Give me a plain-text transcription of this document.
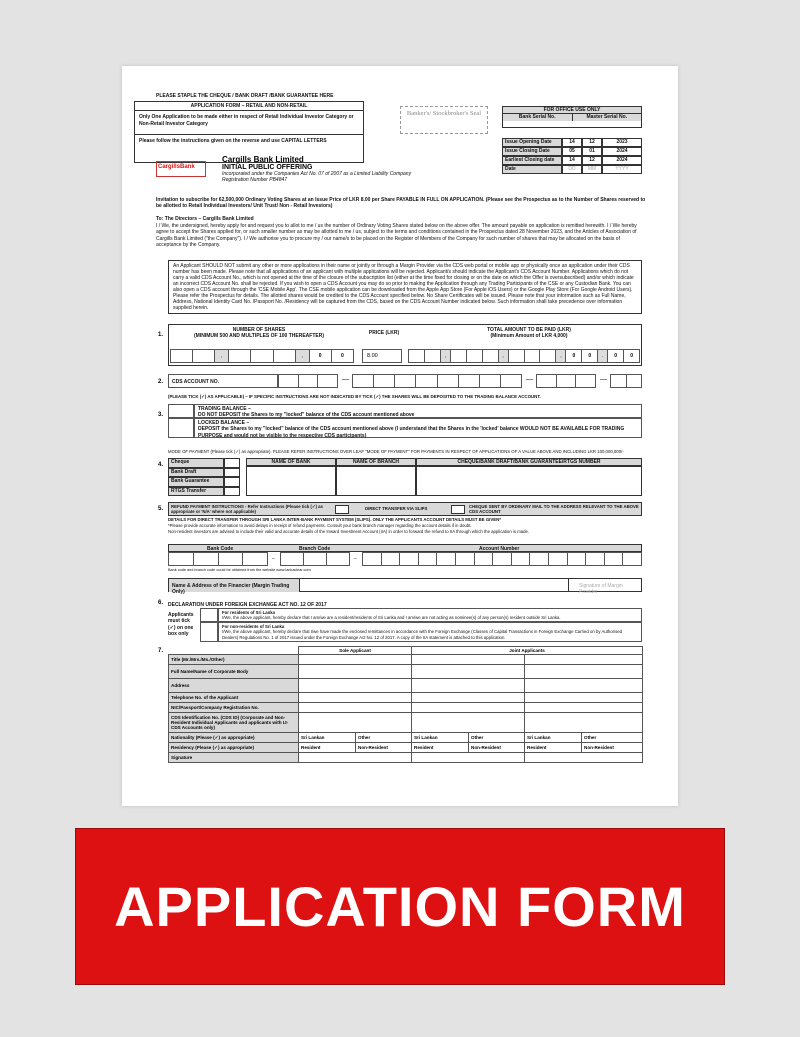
PLEASE STAPLE THE CHEQUE / BANK DRAFT /BANK GUARANTEE HERE
APPLICATION FORM – RETAIL AND NON-RETAIL
Only One Application to be made either in respect of Retail Individual Investor Category or Non-Retail Investor Category
Please follow the instructions given on the reverse and use CAPITAL LETTERS
Banker's/ Stockbroker's Seal	FOR OFFICE USE ONLY
Bank Serial No.	Master Serial No.
Issue Opening Date	14	12	2023
Issue Closing Date	05	01	2024
Earliest Closing date	14	12	2024
Date	DD	MM	YYYY
CargillsBank
Cargills Bank Limited
INITIAL PUBLIC OFFERING
Incorporated under the Companies Act No. 07 of 2007 as a Limited Liability Company
Registration Number PB4847
Invitation to subscribe for 62,500,000 Ordinary Voting Shares at an Issue Price of LKR 8.00 per Share PAYABLE IN FULL ON APPLICATION. (Please see the Prospectus as to the Number of Shares reserved to be allotted to Retail Individual Investors/ Unit Trust/ Non - Retail Investors)
To: The Directors – Cargills Bank Limited
I / We, the undersigned, hereby apply for and request you to allot to me / us the number of Ordinary Voting Shares stated below on the above offer. The amount payable on application is remitted herewith. I / We hereby agree to accept the Shares applied for, or such smaller number as may be allotted to me / us, subject to the terms and conditions contained in the Prospectus dated 28 November 2023, and the Articles of Association of Cargills Bank Limited ("the Company"). I / We authorise you to procure my / our name/s to be placed on the Register of Members of the Company for such number of shares that may be allocated on the basis of acceptance by the Company.
An Applicant SHOULD NOT submit any other or more applications in their name or jointly or through a Margin Provider via the CDS web portal or mobile app or physically once an application under their CDS number has been made. Please note that all applications of an applicant with multiple applications will be rejected. Applicant/s should indicate the Applicant's CDS Account Number. Applications which do not carry a valid CDS Account No., which is not opened at the time of the closure of the subscription list (either at the time fixed for closing or on the date on which the Offer is oversubscribed) and/or which indicate an incorrect CDS Account No. shall be rejected. If you wish to open a CDS Account you may do so prior to making the Application through any Trading Participants of the CSE or any Custodian Bank. You can also open a CDS account through the 'CSE Mobile App'. The CSE mobile application can be downloaded from the Apple App Store (For Apple iOS Users) or the Google Play Store (For Google Android Users). Please refer the Prospectus for details. The allotted shares would be credited to the CDS Account specified below. No Share Certificates will be issued. Please note that your information such as Full Name, Address, National Identity Card No. /Passport No. /Residency will be captured from the CDS, based on the CDS Account Number indicated below. Such information shall take precedence over information supplied herein.
1.
NUMBER OF SHARES
(MINIMUM 500 AND MULTIPLES OF 100 THEREAFTER)
PRICE (LKR)	TOTAL AMOUNT TO BE PAID (LKR)
(Minimum Amount of LKR 4,000)
,	,	0	0	8.00	,	,	,	0	0	.	0	0
2.	CDS ACCOUNT NO.	—	—	—
(PLEASE TICK (✓) AS APPLICABLE) – IF SPECIFIC INSTRUCTIONS ARE NOT INDICATED BY TICK (✓) THE SHARES WILL BE DEPOSITED TO THE TRADING BALANCE ACCOUNT.
3.
TRADING BALANCE –
DO NOT DEPOSIT the Shares to my "locked" balance of the CDS account mentioned above
LOCKED BALANCE –
DEPOSIT the Shares to my "locked" balance of the CDS account mentioned above (I understand that the Shares in the 'locked' balance WOULD NOT BE AVAILABLE FOR TRADING PURPOSE and would not be visible to the respective CDS participants)
MODE OF PAYMENT (Please tick (✓) as appropriate). PLEASE REFER INSTRUCTIONS OVER LEAF "MODE OF PAYMENT" FOR PAYMENTS IN RESPECT OF APPLICATIONS OF A VALUE ABOVE AND INCLUDING LKR 100,000,000/-
4.	Cheque
Bank Draft
Bank Guarantee
RTGS Transfer
NAME OF BANK	NAME OF BRANCH	CHEQUE/BANK DRAFT/BANK GUARANTEE/RTGS NUMBER
5. REFUND PAYMENT INSTRUCTIONS - Refer Instructions (Please tick (✓) as appropriate or 'N/A' where not applicable)
DIRECT TRANSFER VIA SLIPS	CHEQUE SENT BY ORDINARY MAIL TO THE ADDRESS RELEVANT TO THE ABOVE CDS ACCOUNT
DETAILS FOR DIRECT TRANSFER THROUGH SRI LANKA INTER-BANK PAYMENT SYSTEM (SLIPS). ONLY THE APPLICANTS ACCOUNT DETAILS MUST BE GIVEN*
*Please provide accurate information to avoid delays in receipt of refund payments. Consult your bank branch manager regarding the account details if in doubt.
Non-resident investors are advised to include their valid and accurate details of the Inward Investment Account (IIA) in order to forward the refund to IIA through which the application is made.
Bank Code	Branch Code	Account Number
–	–
Bank code and branch code could be obtained from the website www.lankaclear.com
Name & Address of the Financier (Margin Trading Only)
Signature of Margin Provider
6. DECLARATION UNDER FOREIGN EXCHANGE ACT NO. 12 OF 2017
Applicants must tick (✓) on one box only
For residents of Sri Lanka
I/We, the above applicant, hereby declare that I am/we are a resident/residents of Sri Lanka and I am/we are not acting as nominee(s) of any person(s) resident outside Sri Lanka.
For non-residents of Sri Lanka
I/We, the above applicant, hereby declare that I/we have made the enclosed remittances in accordance with the Foreign Exchange (Classes of Capital Transactions in Foreign Exchange Carried on by Authorised Dealers) Regulations No. 1 of 2017 issued under the Foreign Exchange Act No. 12 of 2017. A copy of the IIA statement is attached to this application.
7.
		Sole Applicant		Joint Applicants			
Title (Mr./Mrs./Ms./Other)						
Full Name/Name of Corporate Body						
Address						
Telephone No. of the Applicant						
NIC/Passport/Company Registration No.						
CDS Identification No. (CDS ID) (Corporate and Non-Resident Individual Applicants and applicants with IJ-CDS Accounts only)						
Nationality (Please (✓) as appropriate)	Sri Lankan	Other	Sri Lankan	Other	Sri Lankan	Other
Residency (Please (✓) as appropriate)	Resident	Non-Resident	Resident	Non-Resident	Resident	Non-Resident
Signature						
APPLICATION FORM
